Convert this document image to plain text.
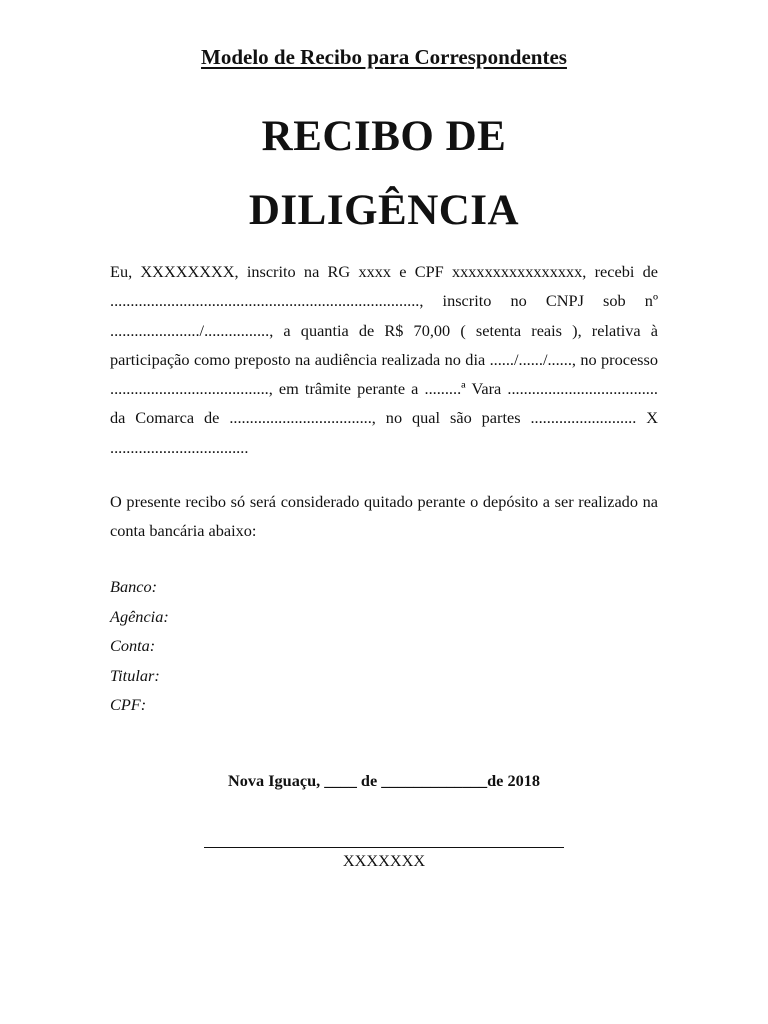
Modelo de Recibo para Correspondentes
RECIBO DE
DILIGÊNCIA
Eu, XXXXXXXX, inscrito na RG xxxx e CPF xxxxxxxxxxxxxxxx, recebi de ............................................................................, inscrito no CNPJ sob nº ....................../................, a quantia de R$ 70,00 ( setenta reais ), relativa à participação como preposto na audiência realizada no dia ....../....../......, no processo ......................................., em trâmite perante a .........ª Vara ..................................... da Comarca de ..................................., no qual são partes .......................... X ..................................
O presente recibo só será considerado quitado perante o depósito a ser realizado na conta bancária abaixo:
Banco:
Agência:
Conta:
Titular:
CPF:
Nova Iguaçu, ____ de _____________de 2018
XXXXXXX
